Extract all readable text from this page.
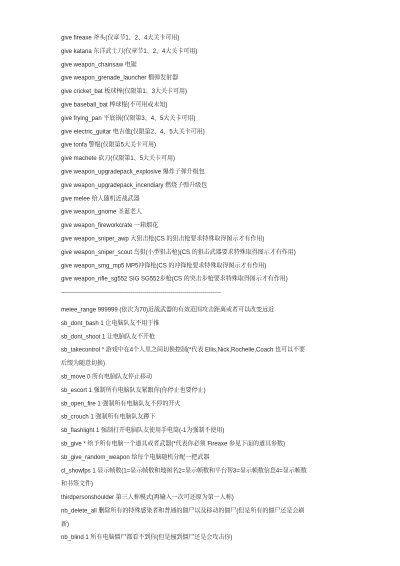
give fireaxe 斧头(仅章节1、2、4大关卡可用)
give katana 东洋武士刀(仅章节1、2、4大关卡可用)
give weapon_chainsaw 电锯
give weapon_grenade_launcher 榴弹发射器
give cricket_bat 板球棒(仅限第1、3大关卡可用)
give baseball_bat 棒球棍(不可用或未知)
give frying_pan 平底锅(仅限第3、4、5大关卡可用)
give electric_guitar 电吉他(仅限第2、4、5大关卡可用)
give tonfa 警棍(仅限第5大关卡可用)
give machete 砍刀(仅限第1、5大关卡可用)
give weapon_upgradepack_explosive 爆炸子弹升级包
give weapon_upgradepack_incendiary 燃烧子弹升级包
give melee 给人随机近战武器
give weapon_gnome 圣诞老人
give weapon_fireworkcrate 一箱烟花
give weapon_sniper_awp 大狙击枪(CS 的狙击枪要求特殊取得图示才有作用)
give weapon_sniper_scout 鸟狙(小型狙击枪)(CS 的狙击武器要求特殊取得图示才有作用)
give weapon_smg_mp5 MP5冲锋枪(CS 的冲锋枪要求特殊取得图示才有作用)
give weapon_rifle_sg552 SIG SG552步枪(CS 的突击步枪要求特殊取得图示才有作用)
--------------------------------------------------------------------------------
melee_range 999999 (依次为70)近战武器的有效范围攻击距离或者可以改变远近
sb_dont_bash 1 让电脑队友不用于推
sb_dont_shoot 1 让电脑队友不开枪
sb_takecontrol * 游戏中在4个人里之间切换控制(*代表 Ellis,Nick,Rochelle,Coach 也可以不要
后缀为随意切换)
sb_move 0 所有电脑队友停止移动
sb_escort 1 强制所有电脑队友紧跟你(你停止也要停止)
sb_open_fire 1 强制所有电脑队友不停的开火
sb_crouch 1 强制所有电脑队友蹲下
sb_flashlight 1 强制打开电脑队友使用手电筒(-1为强制不使用)
sb_give * 给予所有电脑一个道具或者武器(*代表你必须 Fireaxe 参见下面的道具参数)
sb_give_random_weapon 给每个电脑随机分配一把武器
cl_showfps 1 显示帧数(1=显示帧数和地图名2=显示帧数和平台帮3=显示帧数信息4=显示帧数
和书签文件)
thirdpersonshoulder 第三人称模式(再输入一次可还原为第一人称)
nb_delete_all 删除所有的特殊感染者和普通的僵尸以及移动的僵尸(但是所有的僵尸还是会刷
新)
nb_blind 1 所有电脑僵尸都看不到你(但是撞到僵尸还是会攻击你)
